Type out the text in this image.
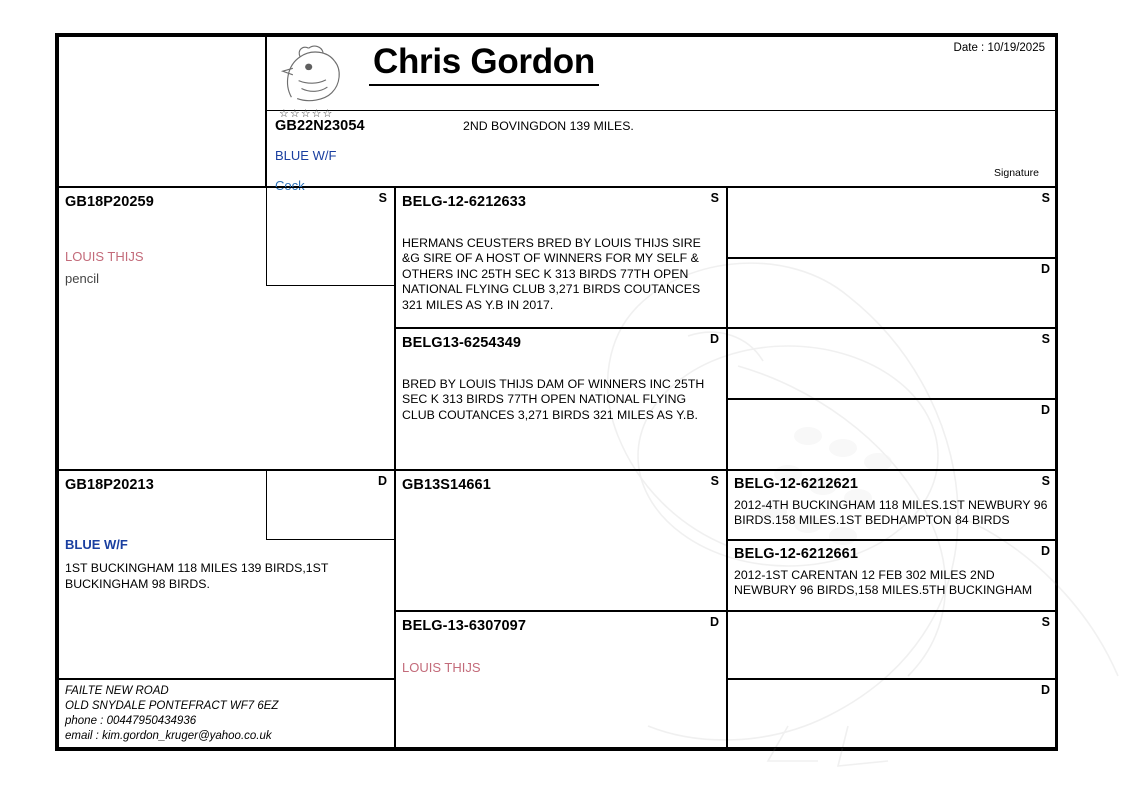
Chris Gordon
☆☆☆☆☆
Date : 10/19/2025
GB22N23054	2ND BOVINGDON 139 MILES.
BLUE W/F
Cock
Signature
GB18P20259
LOUIS THIJS
pencil
S BELG-12-6212633	S
HERMANS CEUSTERS BRED BY LOUIS THIJS SIRE &G SIRE OF A HOST OF WINNERS FOR MY SELF & OTHERS INC 25TH SEC K 313 BIRDS 77TH OPEN NATIONAL FLYING CLUB 3,271 BIRDS COUTANCES 321 MILES AS Y.B IN 2017.
BELG13-6254349	D
BRED BY LOUIS THIJS DAM OF WINNERS INC 25TH SEC K 313 BIRDS 77TH OPEN NATIONAL FLYING CLUB COUTANCES 3,271 BIRDS 321 MILES AS Y.B.
S
D
S
D
GB18P20213
BLUE W/F
1ST BUCKINGHAM 118 MILES 139 BIRDS,1ST BUCKINGHAM 98 BIRDS.
D
FAILTE NEW ROAD
OLD SNYDALE PONTEFRACT WF7 6EZ
phone : 00447950434936
email : kim.gordon_kruger@yahoo.co.uk
GB13S14661	S
BELG-13-6307097	D
LOUIS THIJS
BELG-12-6212621	S
2012-4TH BUCKINGHAM 118 MILES.1ST NEWBURY 96 BIRDS.158 MILES.1ST BEDHAMPTON 84 BIRDS
BELG-12-6212661	D
2012-1ST CARENTAN 12 FEB 302 MILES 2ND NEWBURY 96 BIRDS,158 MILES.5TH BUCKINGHAM
S
D
